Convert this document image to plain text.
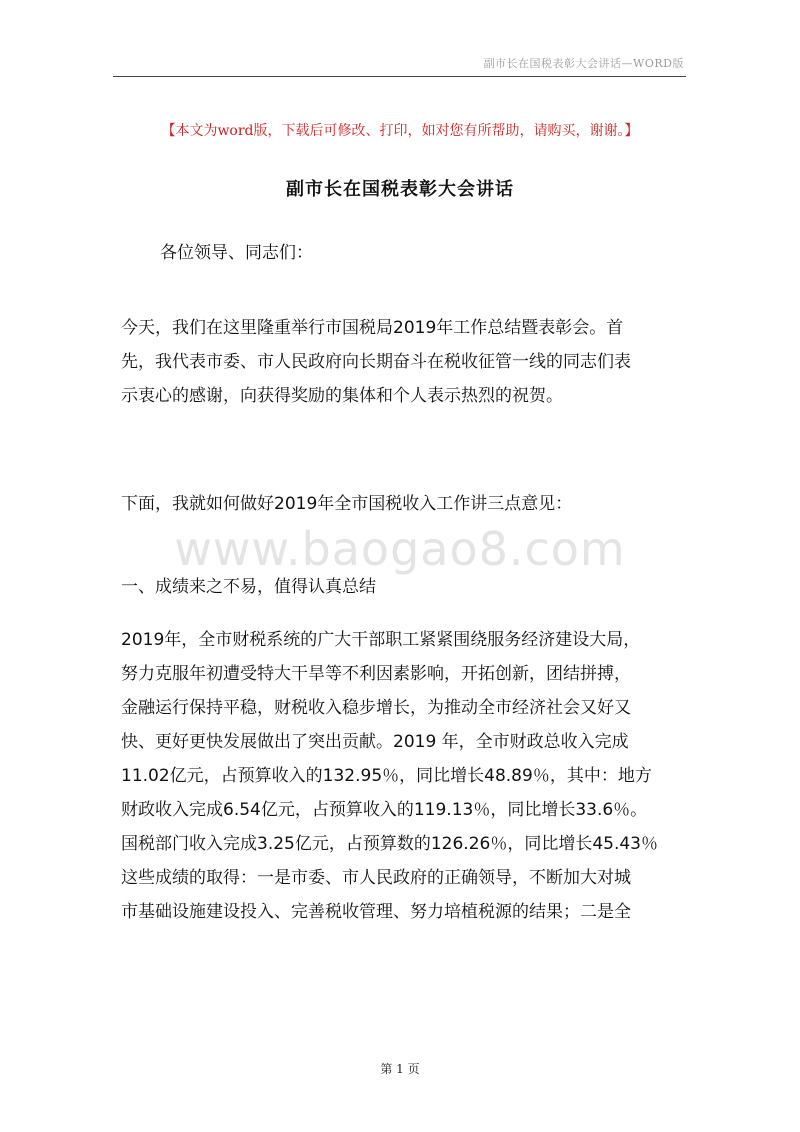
副市长在国税表彰大会讲话—WORD版
【本文为word版，下载后可修改、打印，如对您有所帮助，请购买，谢谢。】
副市长在国税表彰大会讲话
各位领导、同志们：
今天，我们在这里隆重举行市国税局2019年工作总结暨表彰会。首
先，我代表市委、市人民政府向长期奋斗在税收征管一线的同志们表
示衷心的感谢，向获得奖励的集体和个人表示热烈的祝贺。
下面，我就如何做好2019年全市国税收入工作讲三点意见：
www.baogao8.com
一、成绩来之不易，值得认真总结
2019年，全市财税系统的广大干部职工紧紧围绕服务经济建设大局，
努力克服年初遭受特大干旱等不利因素影响，开拓创新，团结拼搏，
金融运行保持平稳，财税收入稳步增长，为推动全市经济社会又好又
快、更好更快发展做出了突出贡献。2019 年，全市财政总收入完成
11.02亿元，占预算收入的132.95％，同比增长48.89％，其中：地方
财政收入完成6.54亿元，占预算收入的119.13％，同比增长33.6％。
国税部门收入完成3.25亿元，占预算数的126.26％，同比增长45.43％
这些成绩的取得：一是市委、市人民政府的正确领导，不断加大对城
市基础设施建设投入、完善税收管理、努力培植税源的结果；二是全
第 1 页
